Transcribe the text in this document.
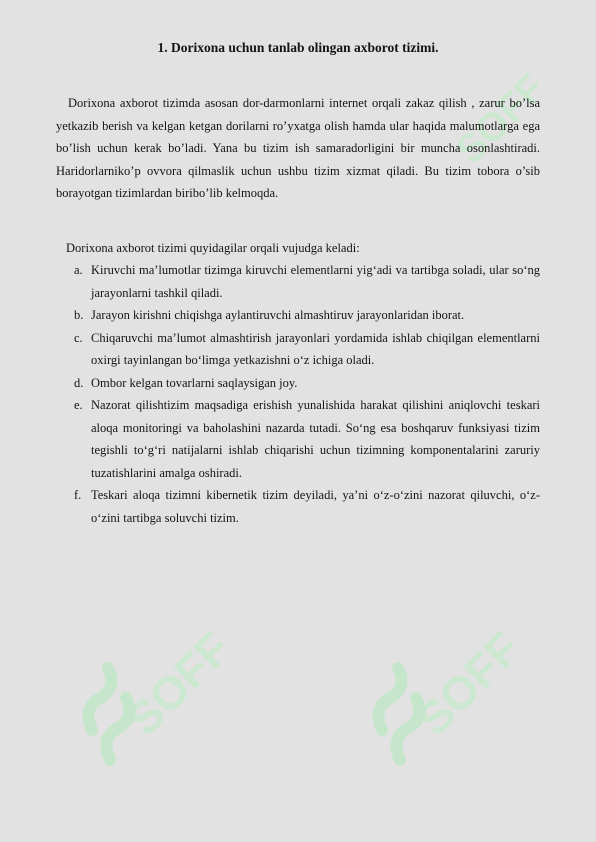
SOFF
SOFF	SOFF
1. Dorixona uchun tanlab olingan axborot tizimi.

Dorixona axborot tizimda asosan dor-darmonlarni internet orqali zakaz qilish , zarur bo’lsa yetkazib berish va kelgan ketgan dorilarni ro’yxatga olish hamda ular haqida malumotlarga ega bo’lish uchun kerak bo’ladi. Yana bu tizim ish samaradorligini bir muncha osonlashtiradi. Haridorlarniko’p ovvora qilmaslik uchun ushbu tizim xizmat qiladi. Bu tizim tobora o’sib borayotgan tizimlardan biribo’lib kelmoqda.

Dorixona axborot tizimi quyidagilar orqali vujudga keladi:

a. Kiruvchi ma’lumotlar tizimga kiruvchi elementlarni yig‘adi va tartibga soladi, ular so‘ng jarayonlarni tashkil qiladi.
b. Jarayon kirishni chiqishga aylantiruvchi almashtiruv jarayonlaridan iborat.
c. Chiqaruvchi ma’lumot almashtirish jarayonlari yordamida ishlab chiqilgan elementlarni oxirgi tayinlangan bo‘limga yetkazishni o‘z ichiga oladi.
d. Ombor kelgan tovarlarni saqlaysigan joy.
e. Nazorat qilishtizim maqsadiga erishish yunalishida harakat qilishini aniqlovchi teskari aloqa monitoringi va baholashini nazarda tutadi. So‘ng esa boshqaruv funksiyasi tizim tegishli to‘g‘ri natijalarni ishlab chiqarishi uchun tizimning komponentalarini zaruriy tuzatishlarini amalga oshiradi.
f. Teskari aloqa tizimni kibernetik tizim deyiladi, ya’ni o‘z-o‘zini nazorat qiluvchi, o‘z-o‘zini tartibga soluvchi tizim.
